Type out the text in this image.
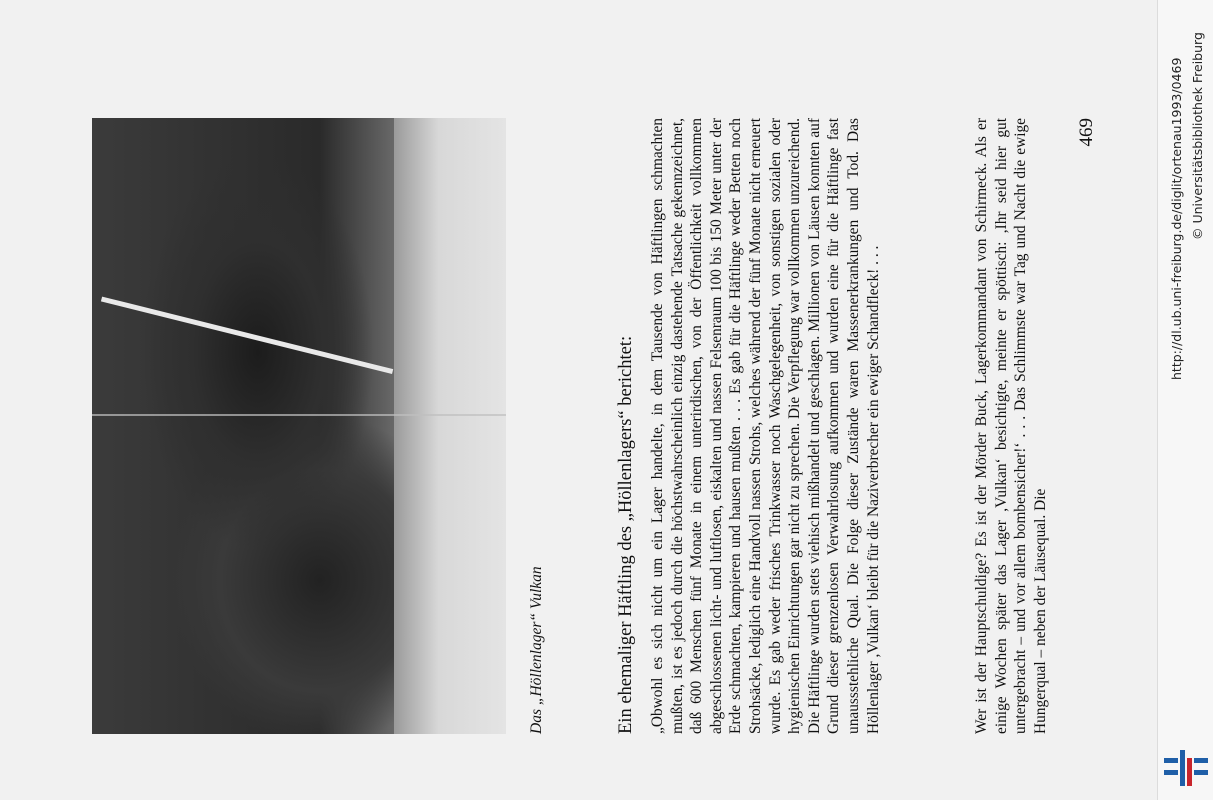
Das „Höllenlager“ Vulkan	Ein ehemaliger Häftling des „Höllenlagers“ berichtet: „Obwohl es sich nicht um ein Lager handelte, in dem Tausende von Häftlingen schmachten mußten, ist es jedoch durch die höchstwahrscheinlich einzig dastehende Tatsache gekennzeichnet, daß 600 Menschen fünf Monate in einem unterirdischen, von der Öffentlichkeit vollkommen abgeschlossenen licht- und luftlosen, eiskalten und nassen Felsenraum 100 bis 150 Meter unter der Erde schmachten, kampieren und hausen mußten . . . Es gab für die Häftlinge weder Betten noch Strohsäcke, lediglich eine Handvoll nassen Strohs, welches während der fünf Monate nicht erneuert wurde. Es gab weder frisches Trinkwasser noch Waschgelegenheit, von sonstigen sozialen oder hygienischen Einrichtungen gar nicht zu sprechen. Die Verpflegung war vollkommen unzureichend. Die Häftlinge wurden stets viehisch mißhandelt und geschlagen. Millionen von Läusen konnten auf Grund dieser grenzenlosen Verwahrlosung aufkommen und wurden eine für die Häftlinge fast unaussstehliche Qual. Die Folge dieser Zustände waren Massenerkrankungen und Tod. Das Höllenlager ,Vulkan‘ bleibt für die Naziverbrecher ein ewiger Schandfleck! . . .	Wer ist der Hauptschuldige? Es ist der Mörder Buck, Lagerkommandant von Schirmeck. Als er einige Wochen später das Lager ,Vulkan‘ besichtigte, meinte er spöttisch: ,Ihr seid hier gut untergebracht – und vor allem bombensicher!‘ . . . Das Schlimmste war Tag und Nacht die ewige Hungerqual – neben der Läusequal. Die
469	http://dl.ub.uni-freiburg.de/diglit/ortenau1993/0469 © Universitätsbibliothek Freiburg
